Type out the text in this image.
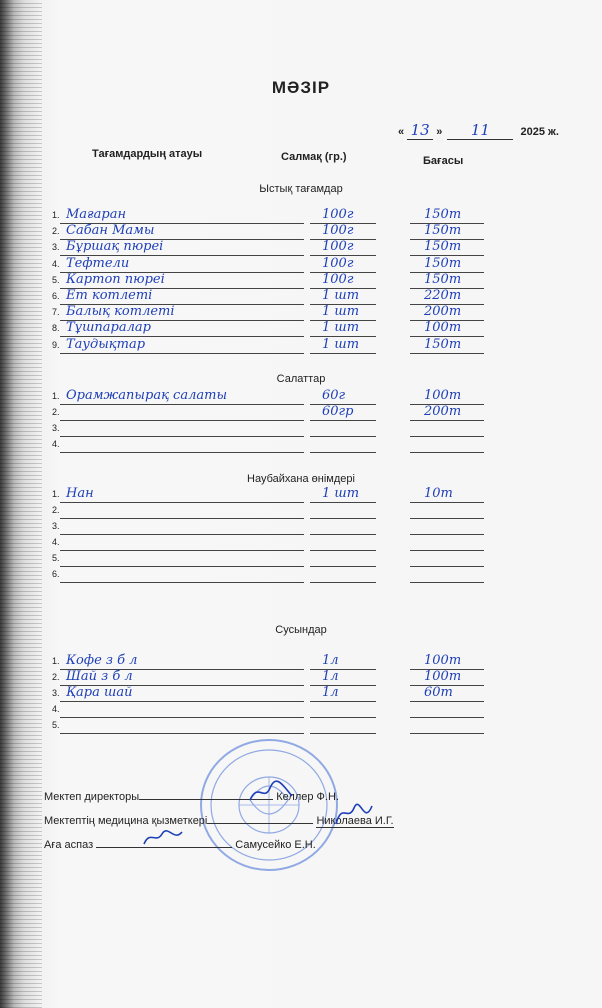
МӘЗІР
« 13 » 11	2025 ж.
Тағамдардың атауы	Салмақ (гр.)	Бағасы
Ыстық тағамдар
1. Мағаран	100г	150т
2. Сабан Мамы	100г	150т
3. Бұршақ пюреі	100г	150т
4. Тефтели	100г	150т
5. Картоп пюреі	100г	150т
6. Ет котлеті	1 шт	220т
7. Балық котлеті	1 шт	200т
8. Тұшпаралар	1 шт	100т
9. Таудықтар	1 шт	150т
Салаттар
1. Орамжапырақ салаты	60г	100т
2.	60гр	200т
3.
4.
Наубайхана өнімдері
1. Нан	1 шт	10т
2.
3.
4.
5.
6.
Сусындар
1. Кофе з б л	1л	100т
2. Шай з б л	1л	100т
3. Қара шай	1л	60т
4.
5.
Мектеп директоры	Келлер Ф.Н.
Мектептің медицина қызметкері	Николаева И.Г.
Аға аспаз	Самусейко Е.Н.
